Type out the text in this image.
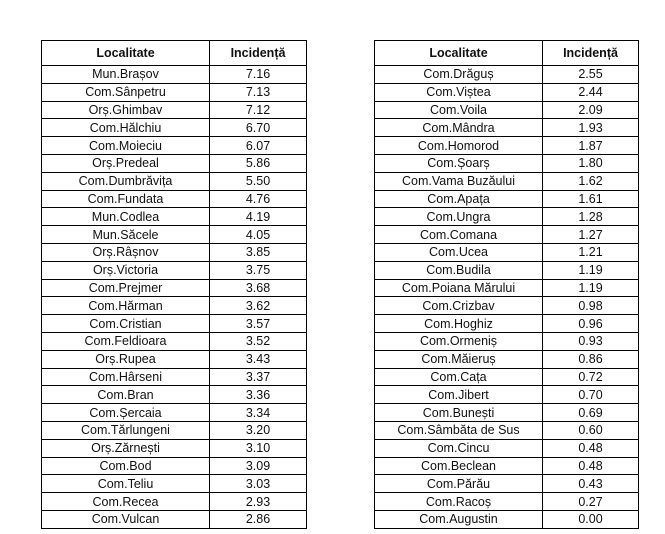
Localitate	Incidență
Mun.Brașov	7.16
Com.Sânpetru	7.13
Orș.Ghimbav	7.12
Com.Hălchiu	6.70
Com.Moieciu	6.07
Orș.Predeal	5.86
Com.Dumbrăvița	5.50
Com.Fundata	4.76
Mun.Codlea	4.19
Mun.Săcele	4.05
Orș.Râșnov	3.85
Orș.Victoria	3.75
Com.Prejmer	3.68
Com.Hărman	3.62
Com.Cristian	3.57
Com.Feldioara	3.52
Orș.Rupea	3.43
Com.Hârseni	3.37
Com.Bran	3.36
Com.Șercaia	3.34
Com.Tărlungeni	3.20
Orș.Zărnești	3.10
Com.Bod	3.09
Com.Teliu	3.03
Com.Recea	2.93
Com.Vulcan	2.86
Localitate	Incidență
Com.Drăguș	2.55
Com.Viștea	2.44
Com.Voila	2.09
Com.Mândra	1.93
Com.Homorod	1.87
Com.Șoarș	1.80
Com.Vama Buzăului	1.62
Com.Apața	1.61
Com.Ungra	1.28
Com.Comana	1.27
Com.Ucea	1.21
Com.Budila	1.19
Com.Poiana Mărului	1.19
Com.Crizbav	0.98
Com.Hoghiz	0.96
Com.Ormeniș	0.93
Com.Măieruș	0.86
Com.Cața	0.72
Com.Jibert	0.70
Com.Bunești	0.69
Com.Sâmbăta de Sus	0.60
Com.Cincu	0.48
Com.Beclean	0.48
Com.Părău	0.43
Com.Racoș	0.27
Com.Augustin	0.00
